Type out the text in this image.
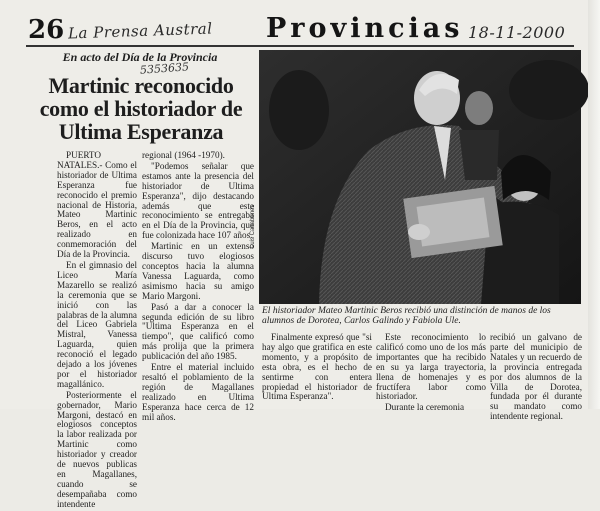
26 La Prensa Austral Provincias 18-11-2000
En acto del Día de la Provincia
5353635
Martinic reconocido como el historiador de Ultima Esperanza

PUERTO NATALES.- Como el historiador de Ultima Esperanza fue reconocido el premio nacional de Historia, Mateo Martinic Beros, en el acto realizado en conmemoración del Día de la Provincia.

En el gimnasio del Liceo María Mazarello se realizó la ceremonia que se inició con las palabras de la alumna del Liceo Gabriela Mistral, Vanessa Laguarda, quien reconoció el legado dejado a los jóvenes por el historiador magallánico.

Posteriormente el gobernador, Mario Margoni, destacó en elogiosos conceptos la labor realizada por Martinic como historiador y creador de nuevos publicas en Magallanes, cuando se desempañaba como intendente

regional (1964 -1970).

"Podemos señalar que estamos ante la presencia del historiador de Ultima Esperanza", dijo destacando además que este reconocimiento se entregaba en el Día de la Provincia, que fue colonizada hace 107 años.

Martinic en un extenso discurso tuvo elogiosos conceptos hacia la alumna Vanessa Laguarda, como asimismo hacia su amigo Mario Margoni.

Pasó a dar a conocer la segunda edición de su libro "Ultima Esperanza en el tiempo", que calificó como más prolija que la primera publicación del año 1985.

Entre el material incluido resaltó el poblamiento de la región de Magallanes realizado en Ultima Esperanza hace cerca de 12 mil años.

Luis Canabones
El historiador Mateo Martinic Beros recibió una distinción de manos de los alumnos de Dorotea, Carlos Galindo y Fabiola Ule.

Finalmente expresó que "si hay algo que gratifica en este momento, y a propósito de esta obra, es el hecho de sentirme con entera propiedad el historiador de Ultima Esperanza".

Este reconocimiento lo calificó como uno de los más importantes que ha recibido en su ya larga trayectoria, llena de homenajes y es fructífera labor como historiador.

Durante la ceremonia

recibió un galvano de parte del municipio de Natales y un recuerdo de la provincia entregada por dos alumnos de la Villa de Dorotea, fundada por él durante su mandato como intendente regional.
